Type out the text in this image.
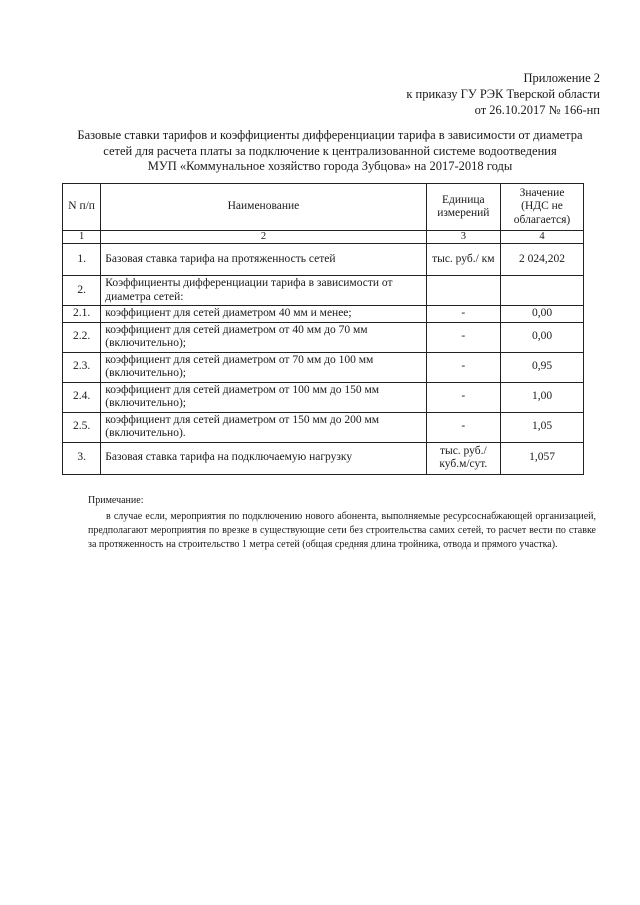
Приложение 2
к приказу ГУ РЭК Тверской области
от 26.10.2017 № 166-нп
Базовые ставки тарифов и коэффициенты дифференциации тарифа в зависимости от диаметра
сетей для расчета платы за подключение к централизованной системе водоотведения
МУП «Коммунальное хозяйство города Зубцова» на 2017-2018 годы
N п/п	Наименование	Единица измерений	Значение (НДС не облагается)
1	2	3	4
1.	Базовая ставка тарифа на протяженность сетей	тыс. руб./ км	2 024,202
2.	Коэффициенты дифференциации тарифа в зависимости от диаметра сетей:		
2.1.	коэффициент для сетей диаметром 40 мм и менее;	-	0,00
2.2.	коэффициент для сетей диаметром от 40 мм до 70 мм (включительно);	-	0,00
2.3.	коэффициент для сетей диаметром от 70 мм до 100 мм (включительно);	-	0,95
2.4.	коэффициент для сетей диаметром от 100 мм до 150 мм (включительно);	-	1,00
2.5.	коэффициент для сетей диаметром от 150 мм до 200 мм (включительно).	-	1,05
3.	Базовая ставка тарифа на подключаемую нагрузку	тыс. руб./ куб.м/сут.	1,057

Примечание:

в случае если, мероприятия по подключению нового абонента, выполняемые ресурсоснабжающей организацией, предполагают мероприятия по врезке в существующие сети без строительства самих сетей, то расчет вести по ставке за протяженность на строительство 1 метра сетей (общая средняя длина тройника, отвода и прямого участка).
